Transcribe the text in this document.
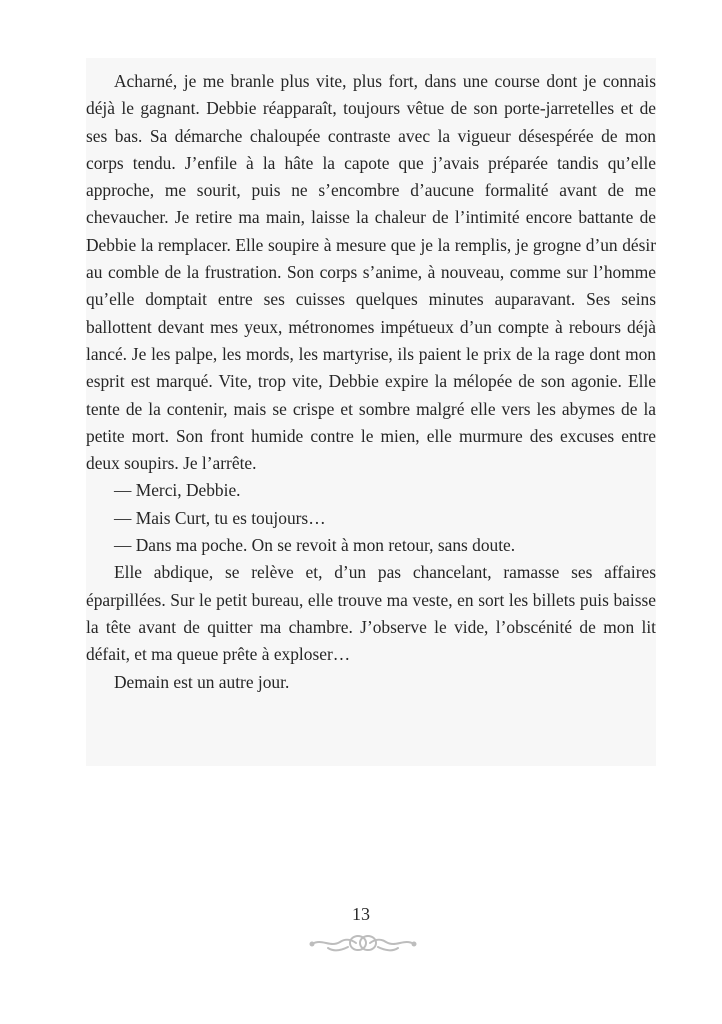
Acharné, je me branle plus vite, plus fort, dans une course dont je connais déjà le gagnant. Debbie réapparaît, toujours vêtue de son porte-jarretelles et de ses bas. Sa démarche chaloupée contraste avec la vigueur désespérée de mon corps tendu. J’enfile à la hâte la capote que j’avais préparée tandis qu’elle approche, me sourit, puis ne s’encombre d’aucune formalité avant de me chevaucher. Je retire ma main, laisse la chaleur de l’intimité encore battante de Debbie la remplacer. Elle soupire à mesure que je la remplis, je grogne d’un désir au comble de la frustration. Son corps s’anime, à nouveau, comme sur l’homme qu’elle domptait entre ses cuisses quelques minutes auparavant. Ses seins ballottent devant mes yeux, métronomes impétueux d’un compte à rebours déjà lancé. Je les palpe, les mords, les martyrise, ils paient le prix de la rage dont mon esprit est marqué. Vite, trop vite, Debbie expire la mélopée de son agonie. Elle tente de la contenir, mais se crispe et sombre malgré elle vers les abymes de la petite mort. Son front humide contre le mien, elle murmure des excuses entre deux soupirs. Je l’arrête.

— Merci, Debbie.

— Mais Curt, tu es toujours…

— Dans ma poche. On se revoit à mon retour, sans doute.

Elle abdique, se relève et, d’un pas chancelant, ramasse ses affaires éparpillées. Sur le petit bureau, elle trouve ma veste, en sort les billets puis baisse la tête avant de quitter ma chambre. J’observe le vide, l’obscénité de mon lit défait, et ma queue prête à exploser…

Demain est un autre jour.

13
